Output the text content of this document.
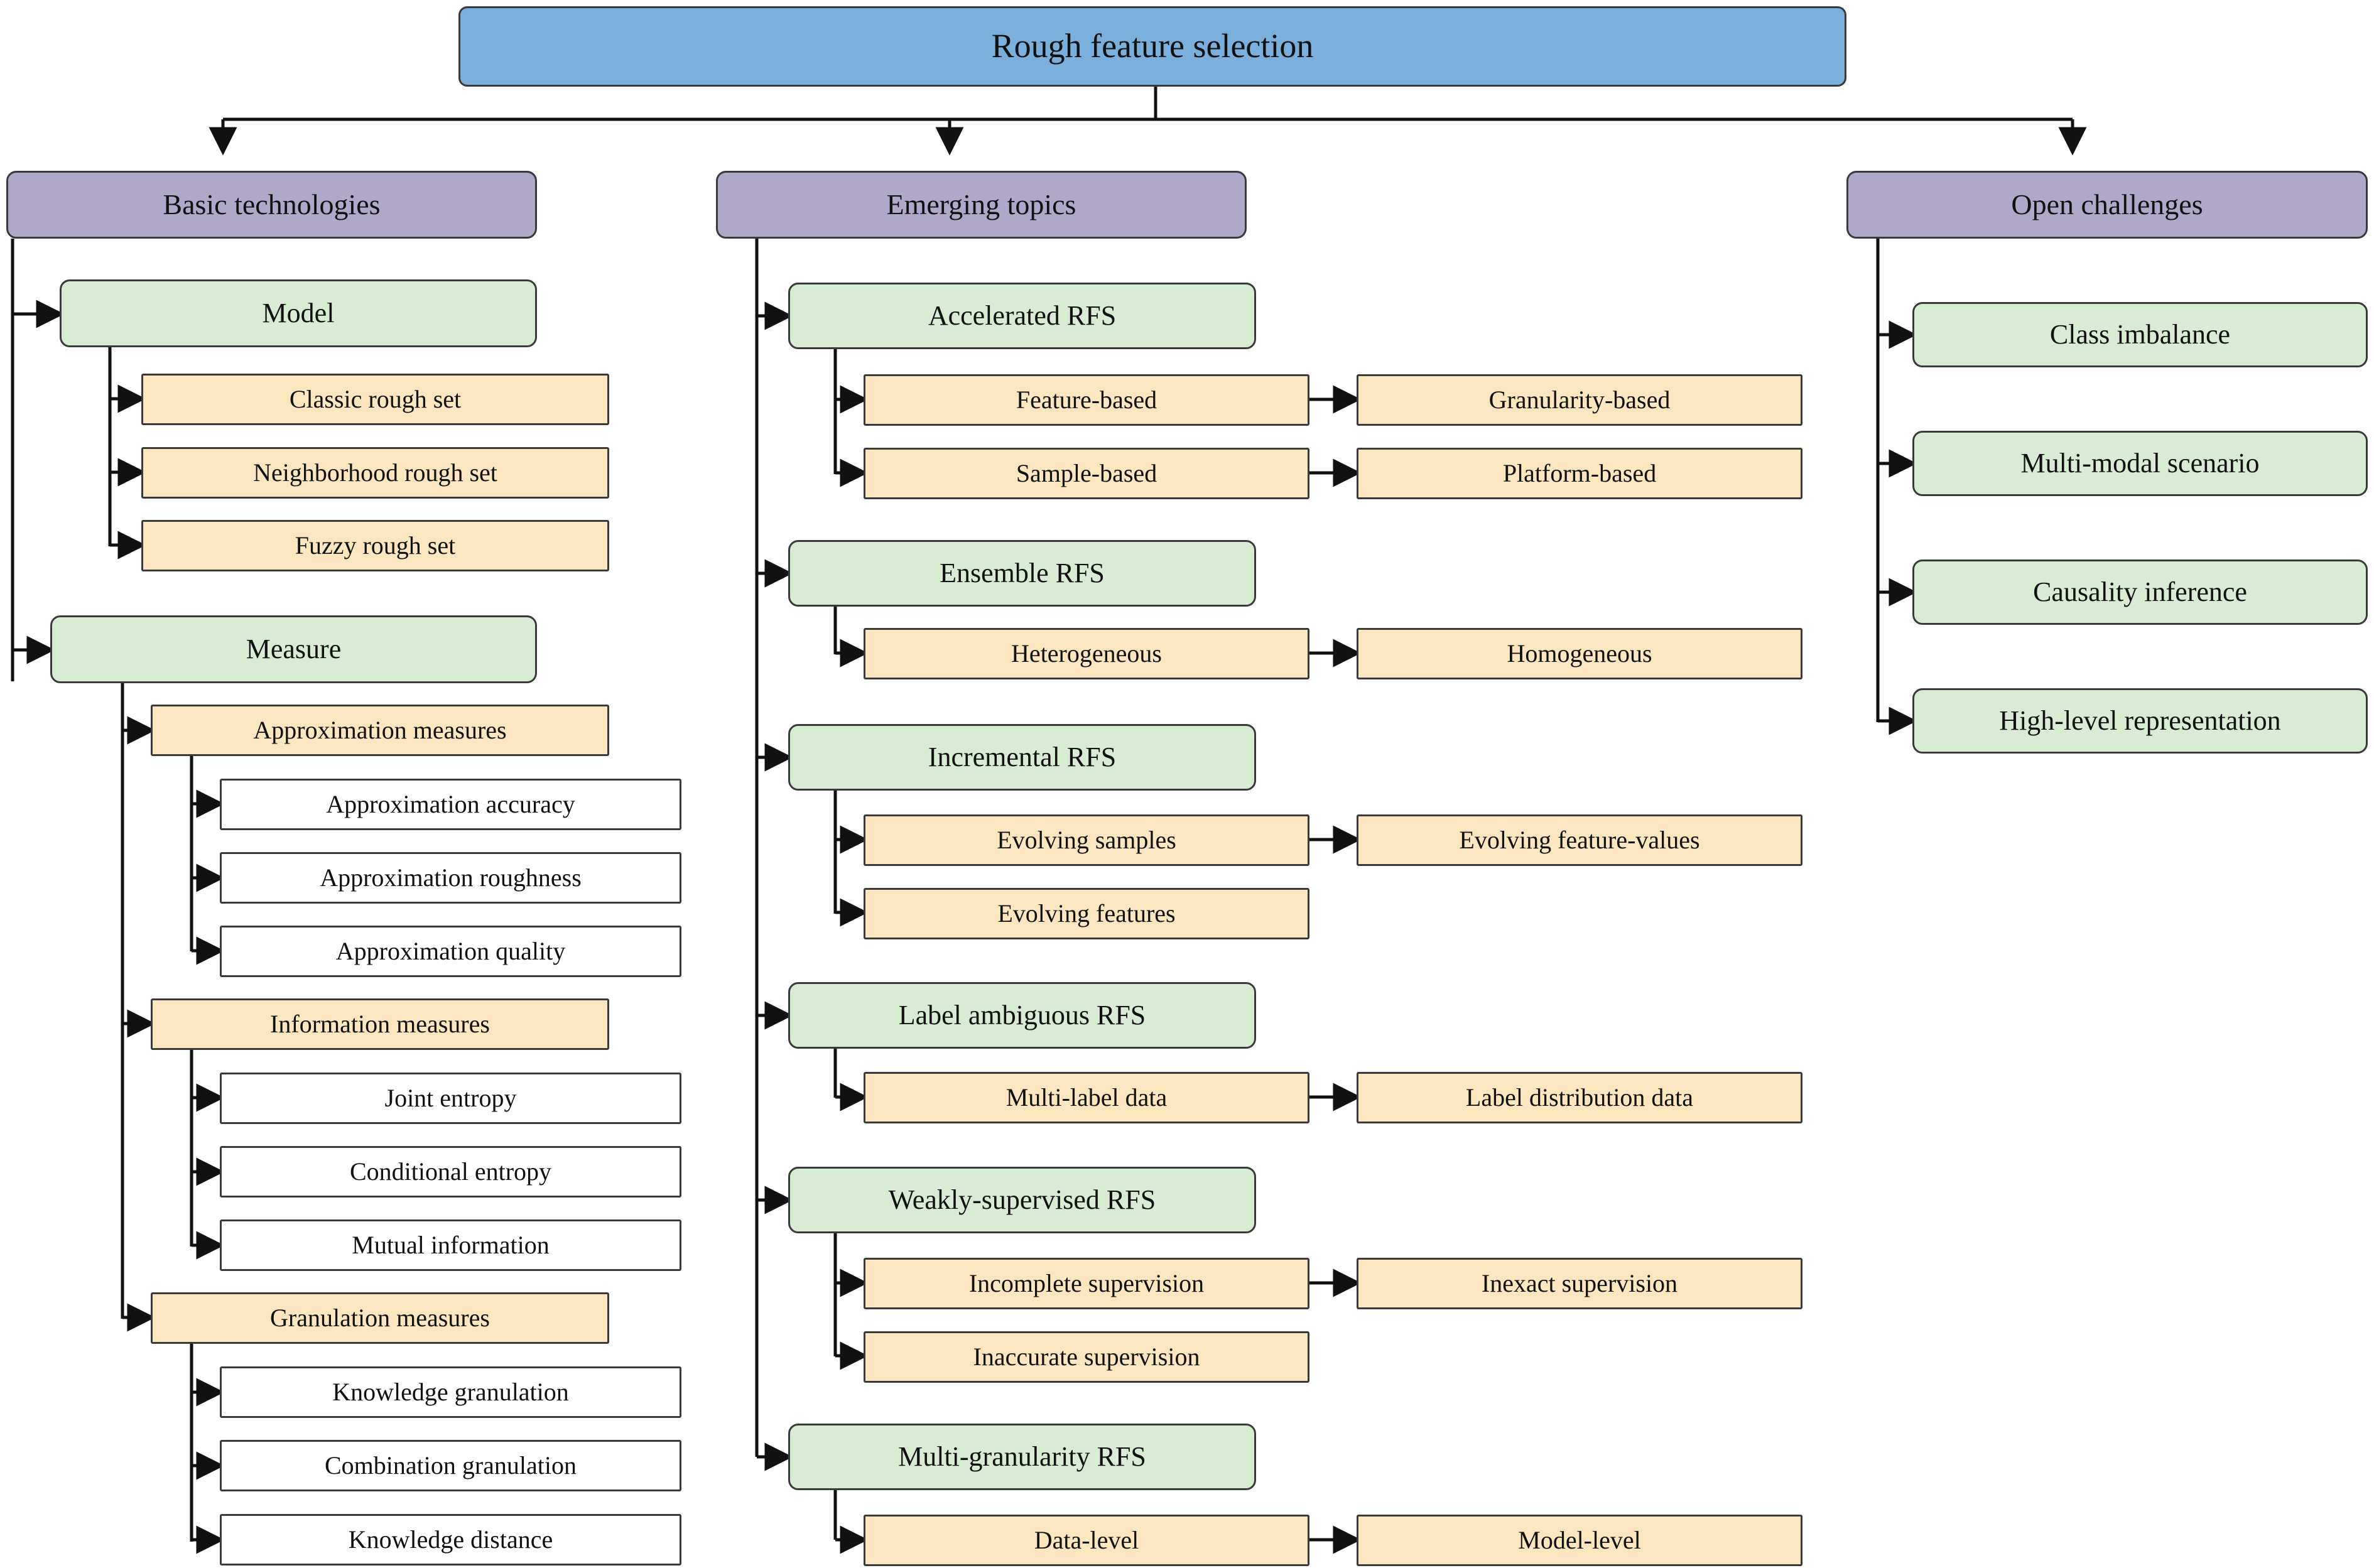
Rough feature selection
Basic technologies	Emerging topics	Open challenges
Model
Classic rough set
Neighborhood rough set
Fuzzy rough set
Measure
Approximation measures
Approximation accuracy
Approximation roughness
Approximation quality
Information measures
Joint entropy
Conditional entropy
Mutual information
Granulation measures
Knowledge granulation
Combination granulation
Knowledge distance
Accelerated RFS
Feature-based	Granularity-based
Sample-based	Platform-based
Ensemble RFS
Heterogeneous	Homogeneous
Incremental RFS
Evolving samples	Evolving feature-values
Evolving features
Label ambiguous RFS
Multi-label data	Label distribution data
Weakly-supervised RFS
Incomplete supervision	Inexact supervision
Inaccurate supervision
Multi-granularity RFS
Data-level	Model-level
Class imbalance
Multi-modal scenario
Causality inference
High-level representation
